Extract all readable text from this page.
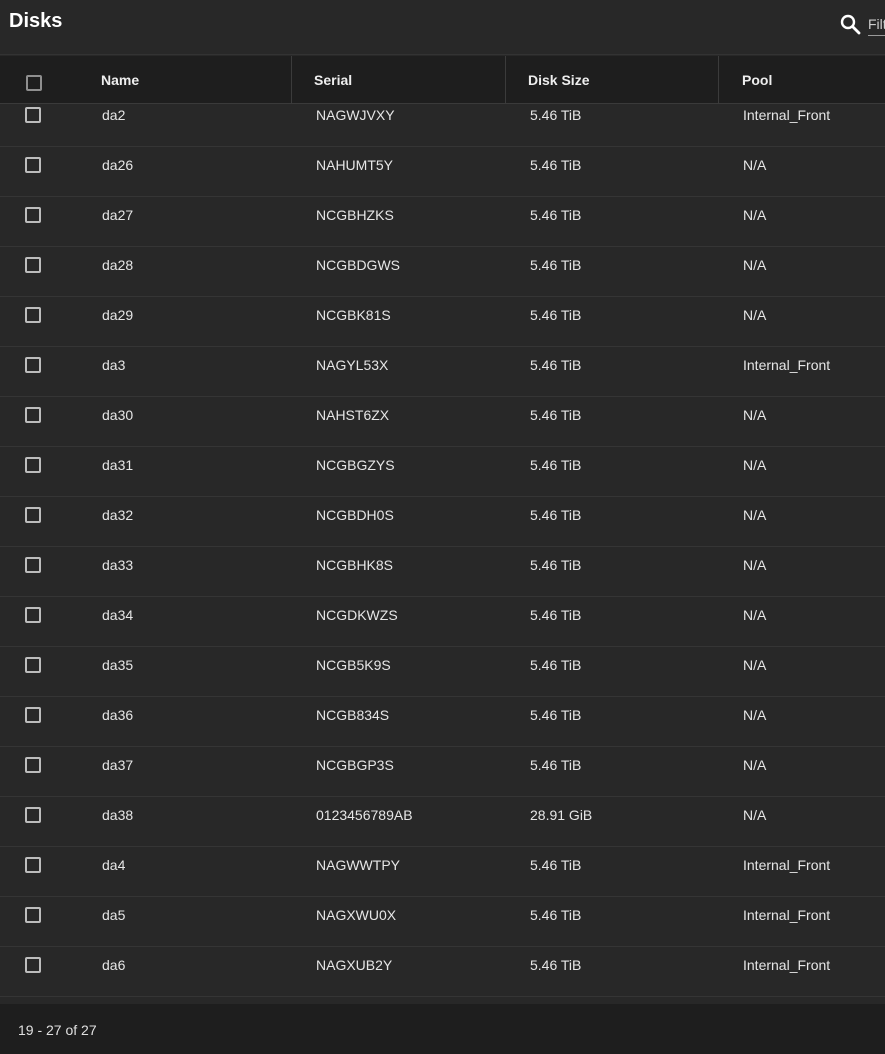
Disks
Filter
Name	Serial	Disk Size	Pool
da2	NAGWJVXY	5.46 TiB	Internal_Front
da26	NAHUMT5Y	5.46 TiB	N/A
da27	NCGBHZKS	5.46 TiB	N/A
da28	NCGBDGWS	5.46 TiB	N/A
da29	NCGBK81S	5.46 TiB	N/A
da3	NAGYL53X	5.46 TiB	Internal_Front
da30	NAHST6ZX	5.46 TiB	N/A
da31	NCGBGZYS	5.46 TiB	N/A
da32	NCGBDH0S	5.46 TiB	N/A
da33	NCGBHK8S	5.46 TiB	N/A
da34	NCGDKWZS	5.46 TiB	N/A
da35	NCGB5K9S	5.46 TiB	N/A
da36	NCGB834S	5.46 TiB	N/A
da37	NCGBGP3S	5.46 TiB	N/A
da38	0123456789AB	28.91 GiB	N/A
da4	NAGWWTPY	5.46 TiB	Internal_Front
da5	NAGXWU0X	5.46 TiB	Internal_Front
da6	NAGXUB2Y	5.46 TiB	Internal_Front
19 - 27 of 27
